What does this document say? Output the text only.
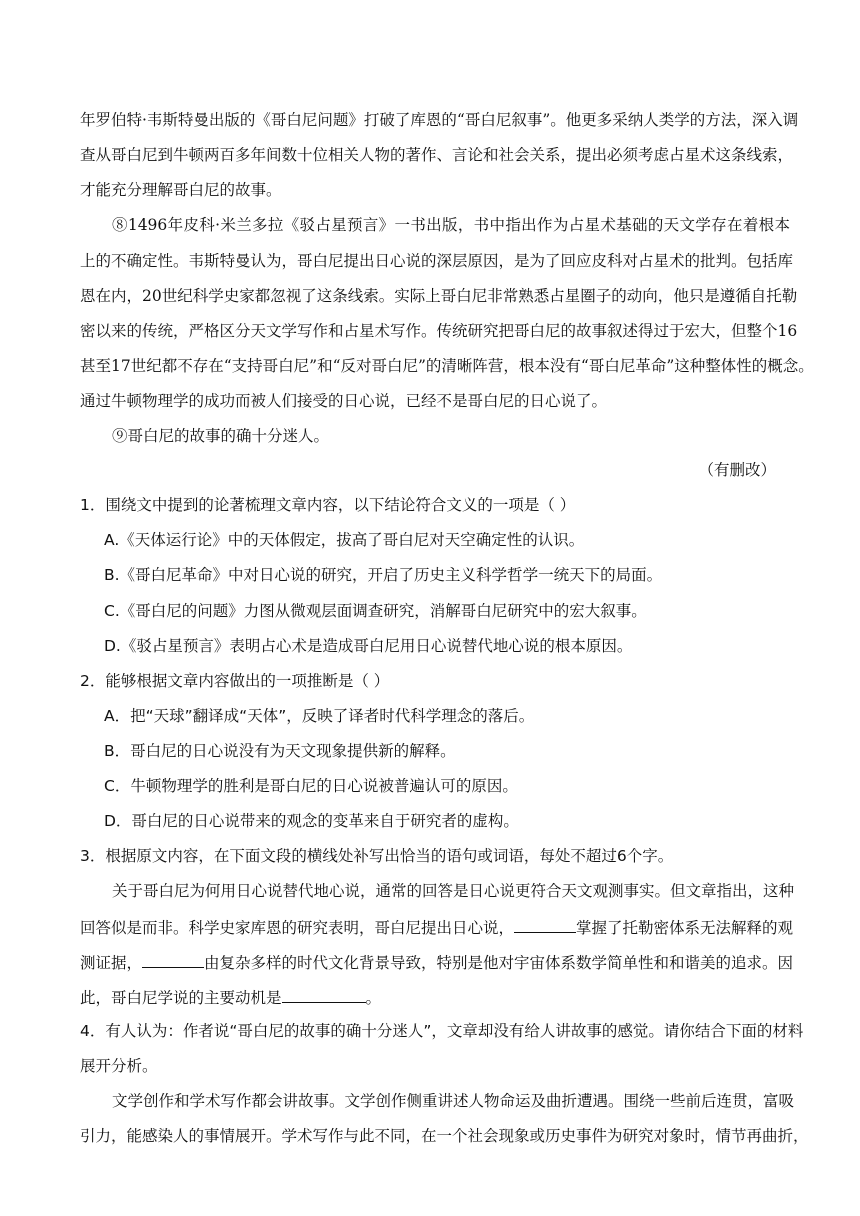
年罗伯特·韦斯特曼出版的《哥白尼问题》打破了库恩的“哥白尼叙事”。他更多采纳人类学的方法，深入调
查从哥白尼到牛顿两百多年间数十位相关人物的著作、言论和社会关系，提出必须考虑占星术这条线索，
才能充分理解哥白尼的故事。
⑧1496年皮科·米兰多拉《驳占星预言》一书出版，书中指出作为占星术基础的天文学存在着根本
上的不确定性。韦斯特曼认为，哥白尼提出日心说的深层原因，是为了回应皮科对占星术的批判。包括库
恩在内，20世纪科学史家都忽视了这条线索。实际上哥白尼非常熟悉占星圈子的动向，他只是遵循自托勒
密以来的传统，严格区分天文学写作和占星术写作。传统研究把哥白尼的故事叙述得过于宏大，但整个16
甚至17世纪都不存在“支持哥白尼”和“反对哥白尼”的清晰阵营，根本没有“哥白尼革命”这种整体性的概念。
通过牛顿物理学的成功而被人们接受的日心说，已经不是哥白尼的日心说了。
⑨哥白尼的故事的确十分迷人。
（有删改）
1．围绕文中提到的论著梳理文章内容，以下结论符合文义的一项是（ ）
A.《天体运行论》中的天体假定，拔高了哥白尼对天空确定性的认识。
B.《哥白尼革命》中对日心说的研究，开启了历史主义科学哲学一统天下的局面。
C.《哥白尼的问题》力图从微观层面调查研究，消解哥白尼研究中的宏大叙事。
D.《驳占星预言》表明占心术是造成哥白尼用日心说替代地心说的根本原因。
2．能够根据文章内容做出的一项推断是（ ）
A．把“天球”翻译成“天体”，反映了译者时代科学理念的落后。
B．哥白尼的日心说没有为天文现象提供新的解释。
C．牛顿物理学的胜利是哥白尼的日心说被普遍认可的原因。
D．哥白尼的日心说带来的观念的变革来自于研究者的虚构。
3．根据原文内容，在下面文段的横线处补写出恰当的语句或词语，每处不超过6个字。
关于哥白尼为何用日心说替代地心说，通常的回答是日心说更符合天文观测事实。但文章指出，这种
回答似是而非。科学史家库恩的研究表明，哥白尼提出日心说，	掌握了托勒密体系无法解释的观
测证据，	由复杂多样的时代文化背景导致，特别是他对宇宙体系数学简单性和和谐美的追求。因
此，哥白尼学说的主要动机是	。
4．有人认为：作者说“哥白尼的故事的确十分迷人”，文章却没有给人讲故事的感觉。请你结合下面的材料
展开分析。
文学创作和学术写作都会讲故事。文学创作侧重讲述人物命运及曲折遭遇。围绕一些前后连贯，富吸
引力，能感染人的事情展开。学术写作与此不同，在一个社会现象或历史事件为研究对象时，情节再曲折，
